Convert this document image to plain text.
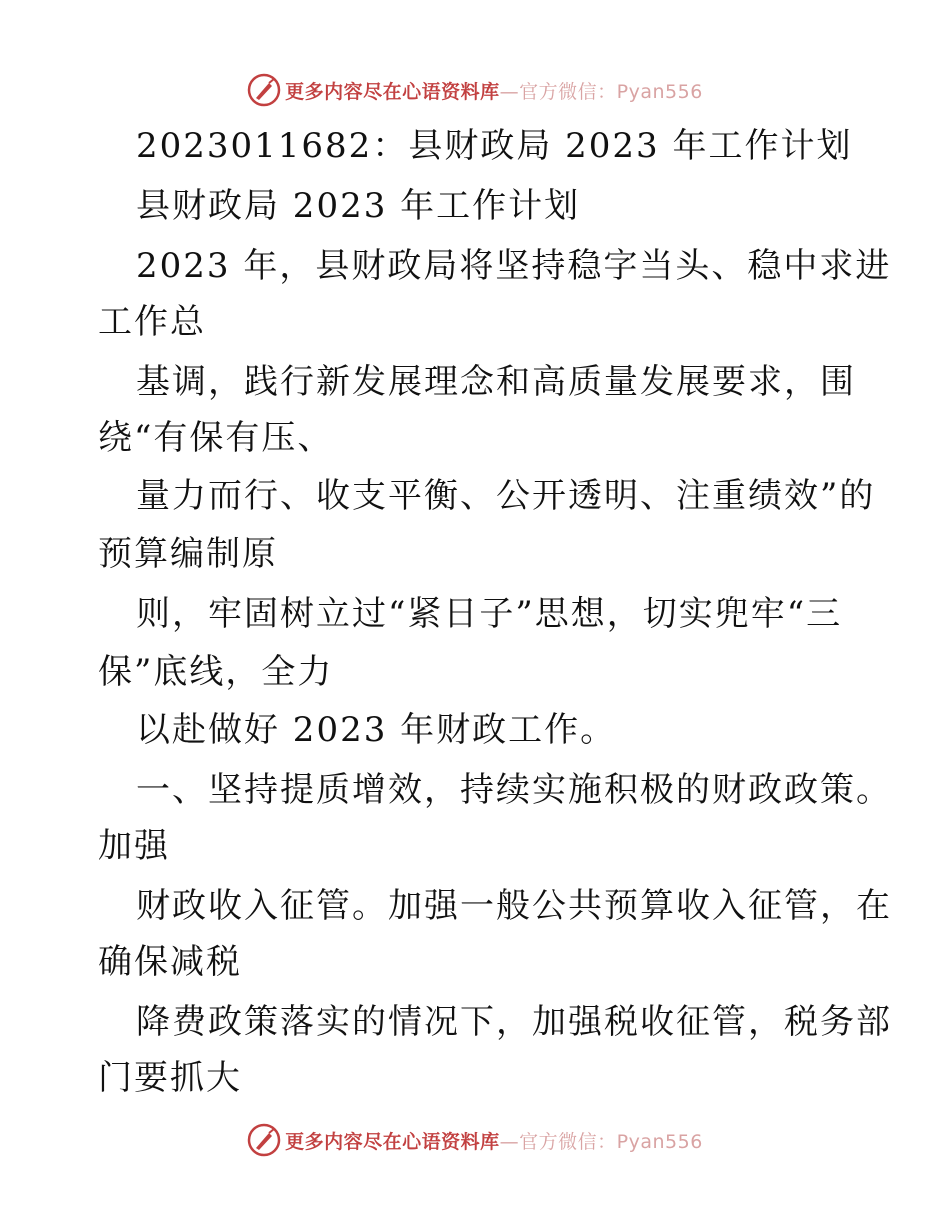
更多内容尽在心语资料库—官方微信：Pyan556
2023011682：县财政局 2023 年工作计划
县财政局 2023 年工作计划
2023 年，县财政局将坚持稳字当头、稳中求进
工作总
基调，践行新发展理念和高质量发展要求，围
绕“有保有压、
量力而行、收支平衡、公开透明、注重绩效”的
预算编制原
则，牢固树立过“紧日子”思想，切实兜牢“三
保”底线，全力
以赴做好 2023 年财政工作。
一、坚持提质增效，持续实施积极的财政政策。
加强
财政收入征管。加强一般公共预算收入征管，在
确保减税
降费政策落实的情况下，加强税收征管，税务部
门要抓大
更多内容尽在心语资料库—官方微信：Pyan556
